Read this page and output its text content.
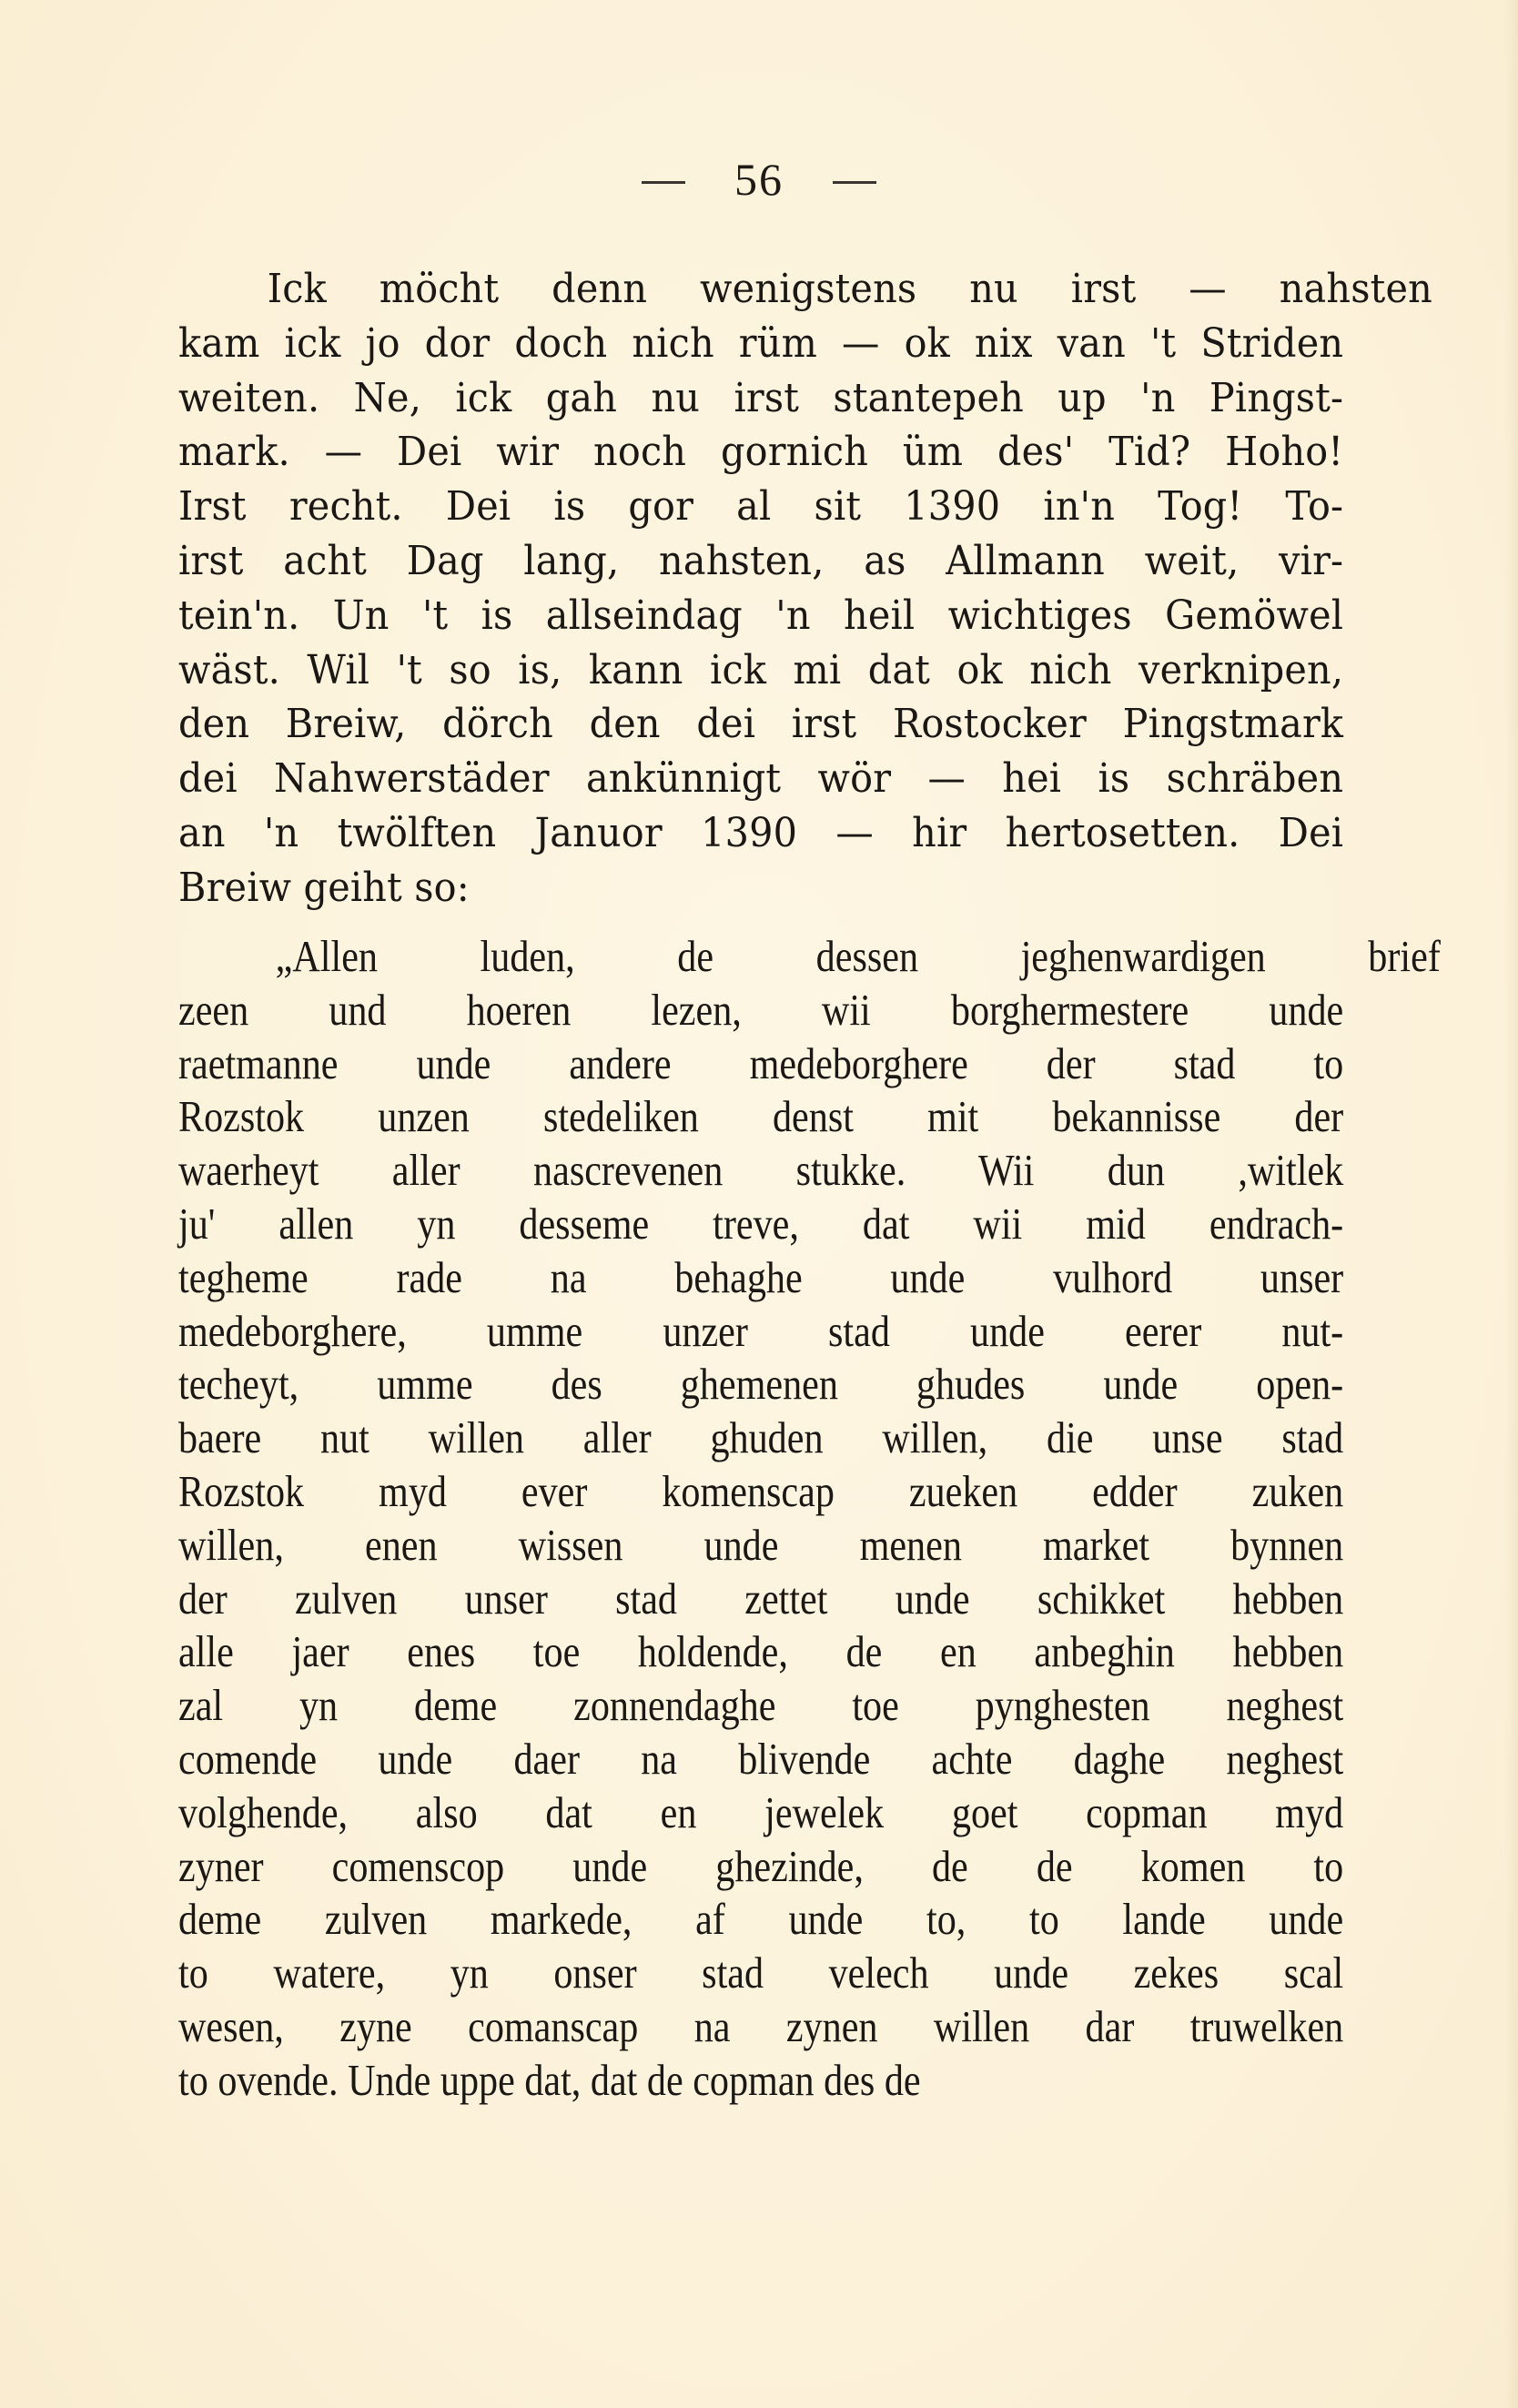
56
Ick möcht denn wenigstens nu irst — nahsten
kam ick jo dor doch nich rüm — ok nix van 't Striden
weiten. Ne, ick gah nu irst stantepeh up 'n Pingst-
mark. — Dei wir noch gornich üm des' Tid? Hoho!
Irst recht. Dei is gor al sit 1390 in'n Tog! To-
irst acht Dag lang, nahsten, as Allmann weit, vir-
tein'n. Un 't is allseindag 'n heil wichtiges Gemöwel
wäst. Wil 't so is, kann ick mi dat ok nich verknipen,
den Breiw, dörch den dei irst Rostocker Pingstmark
dei Nahwerstäder ankünnigt wör — hei is schräben
an 'n twölften Januor 1390 — hir hertosetten. Dei
Breiw geiht so:
„Allen luden, de dessen jeghenwardigen brief
zeen und hoeren lezen, wii borghermestere unde
raetmanne unde andere medeborghere der stad to
Rozstok unzen stedeliken denst mit bekannisse der
waerheyt aller nascrevenen stukke. Wii dun ,witlek
ju' allen yn desseme treve, dat wii mid endrach-
tegheme rade na behaghe unde vulhord unser
medeborghere, umme unzer stad unde eerer nut-
techeyt, umme des ghemenen ghudes unde open-
baere nut willen aller ghuden willen, die unse stad
Rozstok myd ever komenscap zueken edder zuken
willen, enen wissen unde menen market bynnen
der zulven unser stad zettet unde schikket hebben
alle jaer enes toe holdende, de en anbeghin hebben
zal yn deme zonnendaghe toe pynghesten neghest
comende unde daer na blivende achte daghe neghest
volghende, also dat en jewelek goet copman myd
zyner comenscop unde ghezinde, de de komen to
deme zulven markede, af unde to, to lande unde
to watere, yn onser stad velech unde zekes scal
wesen, zyne comanscap na zynen willen dar truwelken
to ovende. Unde uppe dat, dat de copman des de
